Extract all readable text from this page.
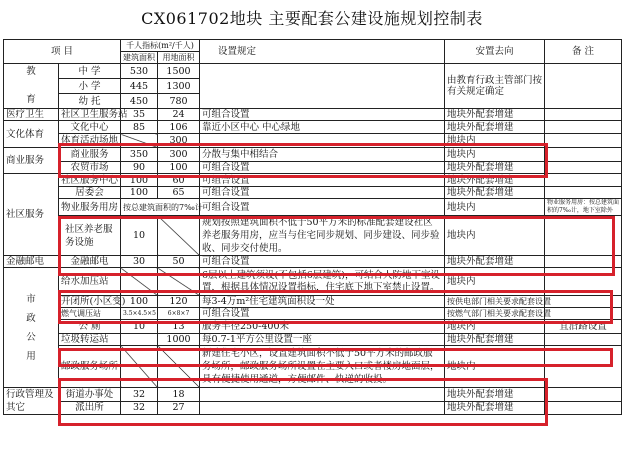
CX061702地块 主要配套公建设施规划控制表
项 目		千人指标(m²/千人)		设置规定	安置去向	备 注
		建筑面积	用地面积			
教

育	中 学	530	1500		由教育行政主管部门按有关规定确定	
	小 学	445	1300			
	幼 托	450	780			
医疗卫生	社区卫生服务站	35	24	可组合设置	地块外配套增建	
文化体育	文化中心	85	106	靠近小区中心 中心绿地	地块外配套增建	
	体育活动场地		300		地块内	
商业服务	商业服务	350	300	分散与集中相结合	地块内	
	农贸市场	90	100	可组合设置	地块外配套增建	
社区服务	社区服务中心	100	60	可组合设置	地块外配套增建	
	居委会	100	65	可组合设置	地块外配套增建	
	物业服务用房	按总建筑面积的7‰计		可组合设置	地块内	物业服务用房：按总建筑面积的7‰计，地下室除外
	社区养老服务设施	10		规划按照建筑面积不低于50平方米的标准配套建设社区养老服务用房，应当与住宅同步规划、同步建设、同步验收、同步交付使用。	地块内	
金融邮电	金融邮电	30	50	可组合设置	地块外配套增建	
市
政
公
用	给水加压站			6层以上建筑须设(不包括6层建筑)，可结合人防地下室设置，根据具体情况设置指标，住宅底下地下室禁止设置。	地块内	
	开闭所(小区变)	100	120	每3-4万m²住宅建筑面积设一处	按供电部门相关要求配套设置	
	燃气调压站	3.5×4.5×5	6×8×7	可组合设置	按燃气部门相关要求配套设置	
	公 厕	10	13	服务半径250-400米	地块内	宜沿路设置
	垃圾转运站		1000	每0.7-1平方公里设置一座	地块外配套增建	
	邮政服务场所			新建住宅小区，设置建筑面积不低于50平方米的邮政服务场所，邮政服务场所设置在主要入口或者楼房地面层，具有便捷使用通道，方便邮件、快递的收投。	地块内	
行政管理及其它	街道办事处	32	18		地块外配套增建	
	派出所	32	27		地块外配套增建	
